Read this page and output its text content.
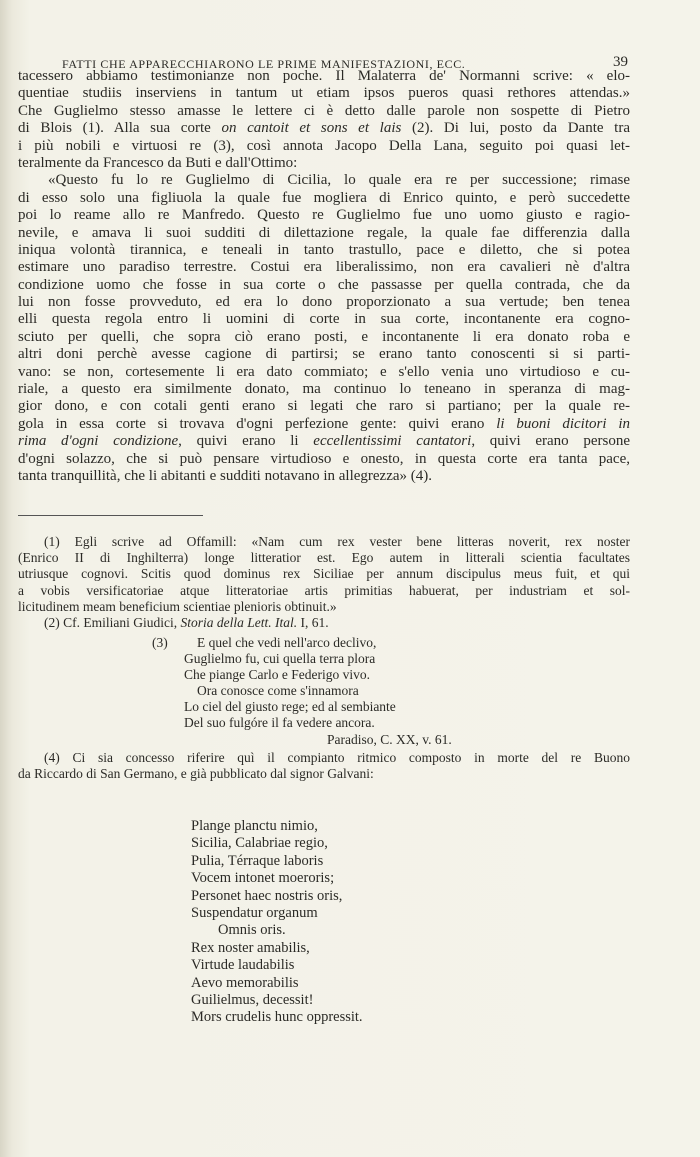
FATTI CHE APPARECCHIARONO LE PRIME MANIFESTAZIONI, ECC.	39
tacessero abbiamo testimonianze non poche. Il Malaterra de' Normanni scrive: « elo-
quentiae studiis inserviens in tantum ut etiam ipsos pueros quasi rethores attendas.»
Che Guglielmo stesso amasse le lettere ci è detto dalle parole non sospette di Pietro
di Blois (1). Alla sua corte on cantoit et sons et lais (2). Di lui, posto da Dante tra
i più nobili e virtuosi re (3), così annota Jacopo Della Lana, seguito poi quasi let-
teralmente da Francesco da Buti e dall'Ottimo:
«Questo fu lo re Guglielmo di Cicilia, lo quale era re per successione; rimase
di esso solo una figliuola la quale fue mogliera di Enrico quinto, e però succedette
poi lo reame allo re Manfredo. Questo re Guglielmo fue uno uomo giusto e ragio-
nevile, e amava li suoi sudditi di dilettazione regale, la quale fae differenzia dalla
iniqua volontà tirannica, e teneali in tanto trastullo, pace e diletto, che si potea
estimare uno paradiso terrestre. Costui era liberalissimo, non era cavalieri nè d'altra
condizione uomo che fosse in sua corte o che passasse per quella contrada, che da
lui non fosse provveduto, ed era lo dono proporzionato a sua vertude; ben tenea
elli questa regola entro li uomini di corte in sua corte, incontanente era cogno-
sciuto per quelli, che sopra ciò erano posti, e incontanente li era donato roba e
altri doni perchè avesse cagione di partirsi; se erano tanto conoscenti si si parti-
vano: se non, cortesemente li era dato commiato; e s'ello venia uno virtudioso e cu-
riale, a questo era similmente donato, ma continuo lo teneano in speranza di mag-
gior dono, e con cotali genti erano si legati che raro si partiano; per la quale re-
gola in essa corte si trovava d'ogni perfezione gente: quivi erano li buoni dicitori in
rima d'ogni condizione, quivi erano li eccellentissimi cantatori, quivi erano persone
d'ogni solazzo, che si può pensare virtudioso e onesto, in questa corte era tanta pace,
tanta tranquillità, che li abitanti e sudditi notavano in allegrezza» (4).
(1) Egli scrive ad Offamill: «Nam cum rex vester bene litteras noverit, rex noster
(Enrico II di Inghilterra) longe litteratior est. Ego autem in litterali scientia facultates
utriusque cognovi. Scitis quod dominus rex Siciliae per annum discipulus meus fuit, et qui
a vobis versificatoriae atque litteratoriae artis primitias habuerat, per industriam et sol-
licitudinem meam beneficium scientiae plenioris obtinuit.»
(2) Cf. Emiliani Giudici, Storia della Lett. Ital. I, 61.
(3)	E quel che vedi nell'arco declivo,
Guglielmo fu, cui quella terra plora
Che piange Carlo e Federigo vivo.
Ora conosce come s'innamora
Lo ciel del giusto rege; ed al sembiante
Del suo fulgóre il fa vedere ancora.
Paradiso, C. XX, v. 61.
(4) Ci sia concesso riferire quì il compianto ritmico composto in morte del re Buono
da Riccardo di San Germano, e già pubblicato dal signor Galvani:
Plange planctu nimio,
Sicilia, Calabriae regio,
Pulia, Térraque laboris
Vocem intonet moeroris;
Personet haec nostris oris,
Suspendatur organum
Omnis oris.
Rex noster amabilis,
Virtude laudabilis
Aevo memorabilis
Guilielmus, decessit!
Mors crudelis hunc oppressit.
